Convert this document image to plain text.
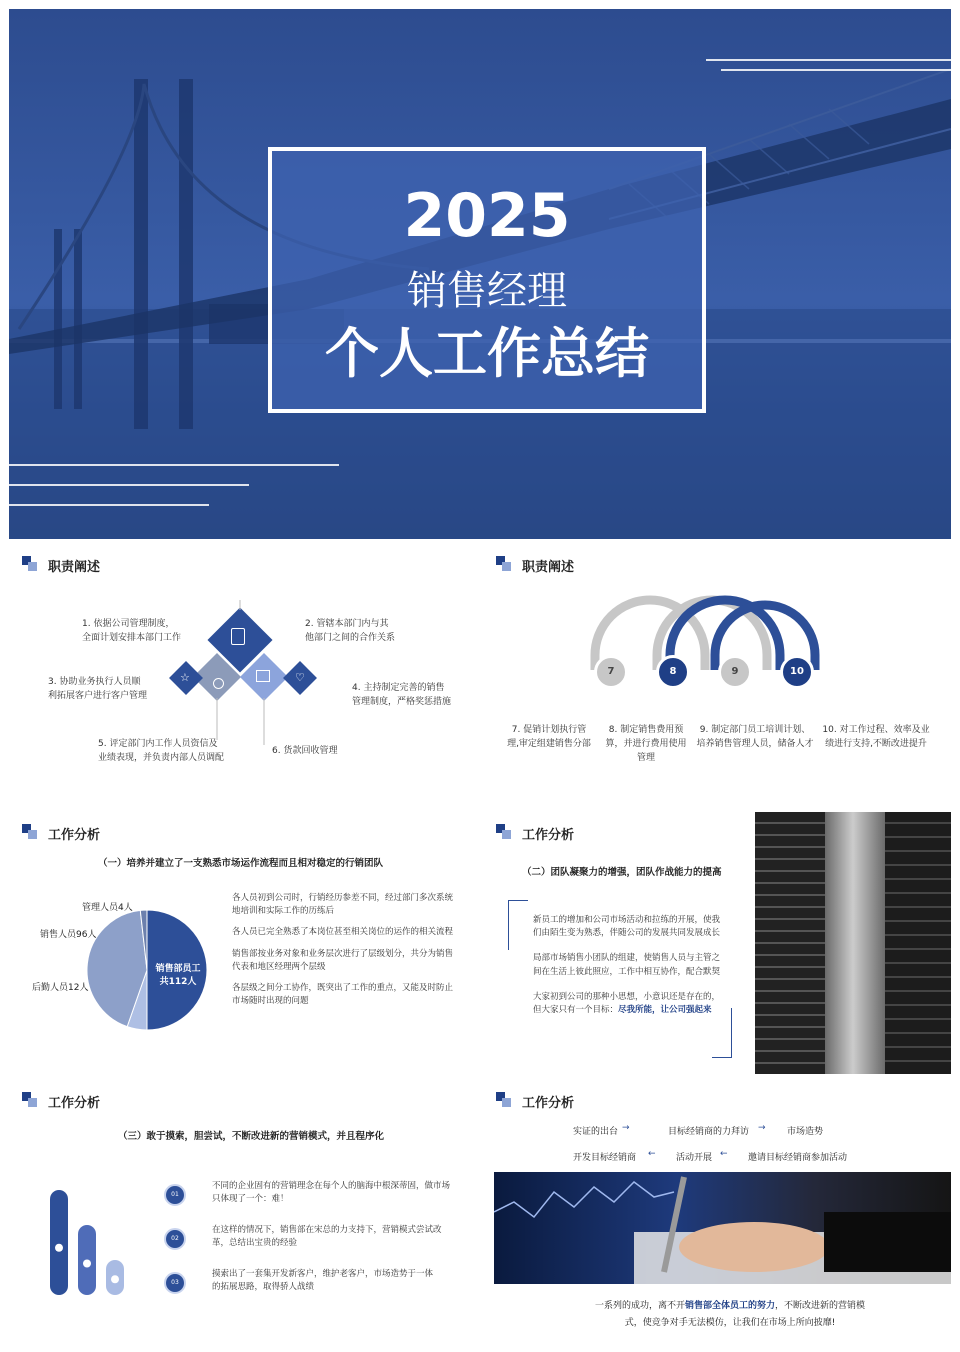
2025
销售经理
个人工作总结
职责阐述
☆	♡
1. 依据公司管理制度，
全面计划安排本部门工作
2. 管辖本部门内与其
他部门之间的合作关系
3. 协助业务执行人员顺
利拓展客户进行客户管理
4. 主持制定完善的销售
管理制度，严格奖惩措施
5. 评定部门内工作人员资信及
业绩表现，并负责内部人员调配
6. 货款回收管理
职责阐述
7	8	9	10
7. 促销计划执行管
理,审定组建销售分部
8. 制定销售费用预
算，并进行费用使用
管理
9. 制定部门员工培训计划、
培养销售管理人员，储备人才
10. 对工作过程、效率及业
绩进行支持,不断改进提升
工作分析
（一）培养并建立了一支熟悉市场运作流程而且相对稳定的行销团队
管理人员4人
销售人员96人
后勤人员12人
销售部员工
共112人
各人员初到公司时，行销经历参差不同，经过部门多次系统
地培训和实际工作的历练后
各人员已完全熟悉了本岗位甚至相关岗位的运作的相关流程
销售部按业务对象和业务层次进行了层级划分，共分为销售
代表和地区经理两个层级
各层级之间分工协作，既突出了工作的重点，又能及时防止
市场随时出现的问题
工作分析
（二）团队凝聚力的增强，团队作战能力的提高
新员工的增加和公司市场活动和拉练的开展，使我
们由陌生变为熟悉，伴随公司的发展共同发展成长
局部市场销售小团队的组建，使销售人员与主管之
间在生活上彼此照应，工作中相互协作，配合默契
大家初到公司的那种小思想，小意识还是存在的，
但大家只有一个目标：尽我所能，让公司强起来
工作分析
（三）敢于摸索，胆尝试，不断改进新的营销模式，并且程序化
01
不同的企业固有的营销理念在每个人的脑海中根深蒂固，做市场
只体现了一个：难！
02
在这样的情况下，销售部在宋总的力支持下，营销模式尝试改
革，总结出宝贵的经验
03
摸索出了一套集开发新客户，维护老客户，市场造势于一体
的拓展思路，取得骄人战绩
工作分析
实证的出台 →	目标经销商的力拜访 → 市场造势
开发目标经销商 ← 活动开展 ← 邀请目标经销商参加活动
一系列的成功，离不开销售部全体员工的努力，不断改进新的营销模
式，使竞争对手无法模仿，让我们在市场上所向披靡!
